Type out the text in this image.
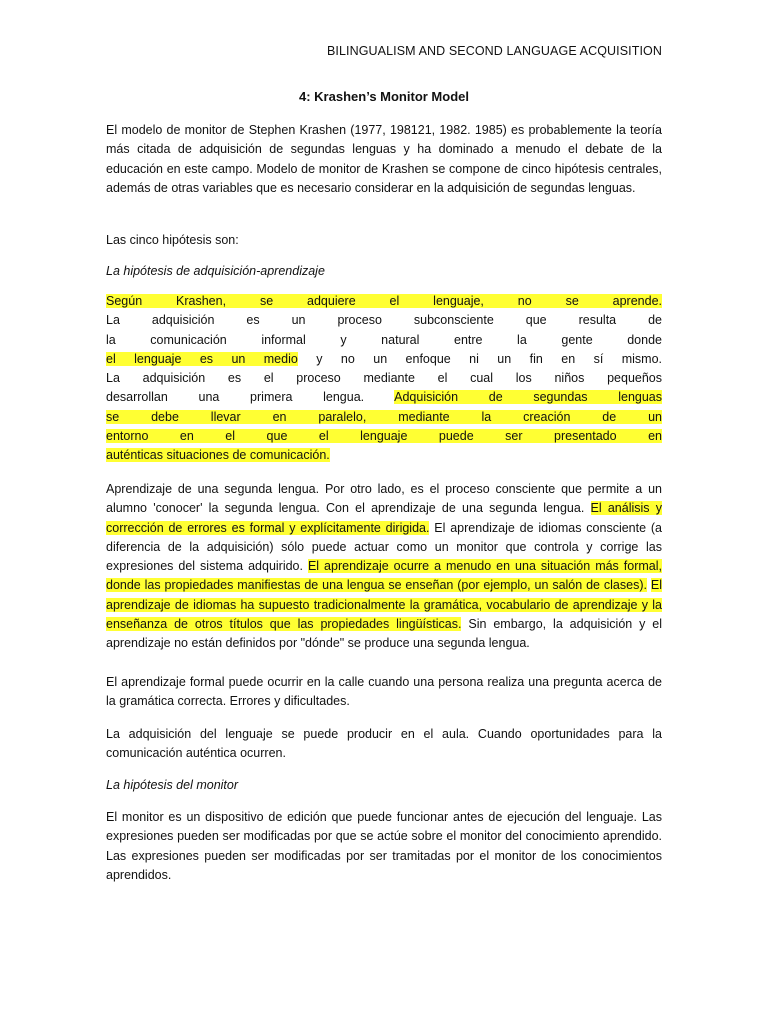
BILINGUALISM AND SECOND LANGUAGE ACQUISITION
4: Krashen’s Monitor Model

El modelo de monitor de Stephen Krashen (1977, 198121, 1982. 1985) es probablemente la teoría más citada de adquisición de segundas lenguas y ha dominado a menudo el debate de la educación en este campo. Modelo de monitor de Krashen se compone de cinco hipótesis centrales, además de otras variables que es necesario considerar en la adquisición de segundas lenguas.

Las cinco hipótesis son:

La hipótesis de adquisición-aprendizaje

Según Krashen, se adquiere el lenguaje, no se aprende.
La adquisición es un proceso subconsciente que resulta de
la comunicación informal y natural entre la gente donde
el lenguaje es un medio y no un enfoque ni un fin en sí mismo.
La adquisición es el proceso mediante el cual los niños pequeños
desarrollan una primera lengua. Adquisición de segundas lenguas
se debe llevar en paralelo, mediante la creación de un
entorno en el que el lenguaje puede ser presentado en
auténticas situaciones de comunicación.

Aprendizaje de una segunda lengua. Por otro lado, es el proceso consciente que permite a un alumno 'conocer' la segunda lengua. Con el aprendizaje de una segunda lengua. El análisis y corrección de errores es formal y explícitamente dirigida. El aprendizaje de idiomas consciente (a diferencia de la adquisición) sólo puede actuar como un monitor que controla y corrige las expresiones del sistema adquirido. El aprendizaje ocurre a menudo en una situación más formal, donde las propiedades manifiestas de una lengua se enseñan (por ejemplo, un salón de clases). El aprendizaje de idiomas ha supuesto tradicionalmente la gramática, vocabulario de aprendizaje y la enseñanza de otros títulos que las propiedades lingüísticas. Sin embargo, la adquisición y el aprendizaje no están definidos por "dónde" se produce una segunda lengua.

El aprendizaje formal puede ocurrir en la calle cuando una persona realiza una pregunta acerca de la gramática correcta. Errores y dificultades.

La adquisición del lenguaje se puede producir en el aula. Cuando oportunidades para la comunicación auténtica ocurren.

La hipótesis del monitor

El monitor es un dispositivo de edición que puede funcionar antes de ejecución del lenguaje. Las expresiones pueden ser modificadas por que se actúe sobre el monitor del conocimiento aprendido. Las expresiones pueden ser modificadas por ser tramitadas por el monitor de los conocimientos aprendidos.
